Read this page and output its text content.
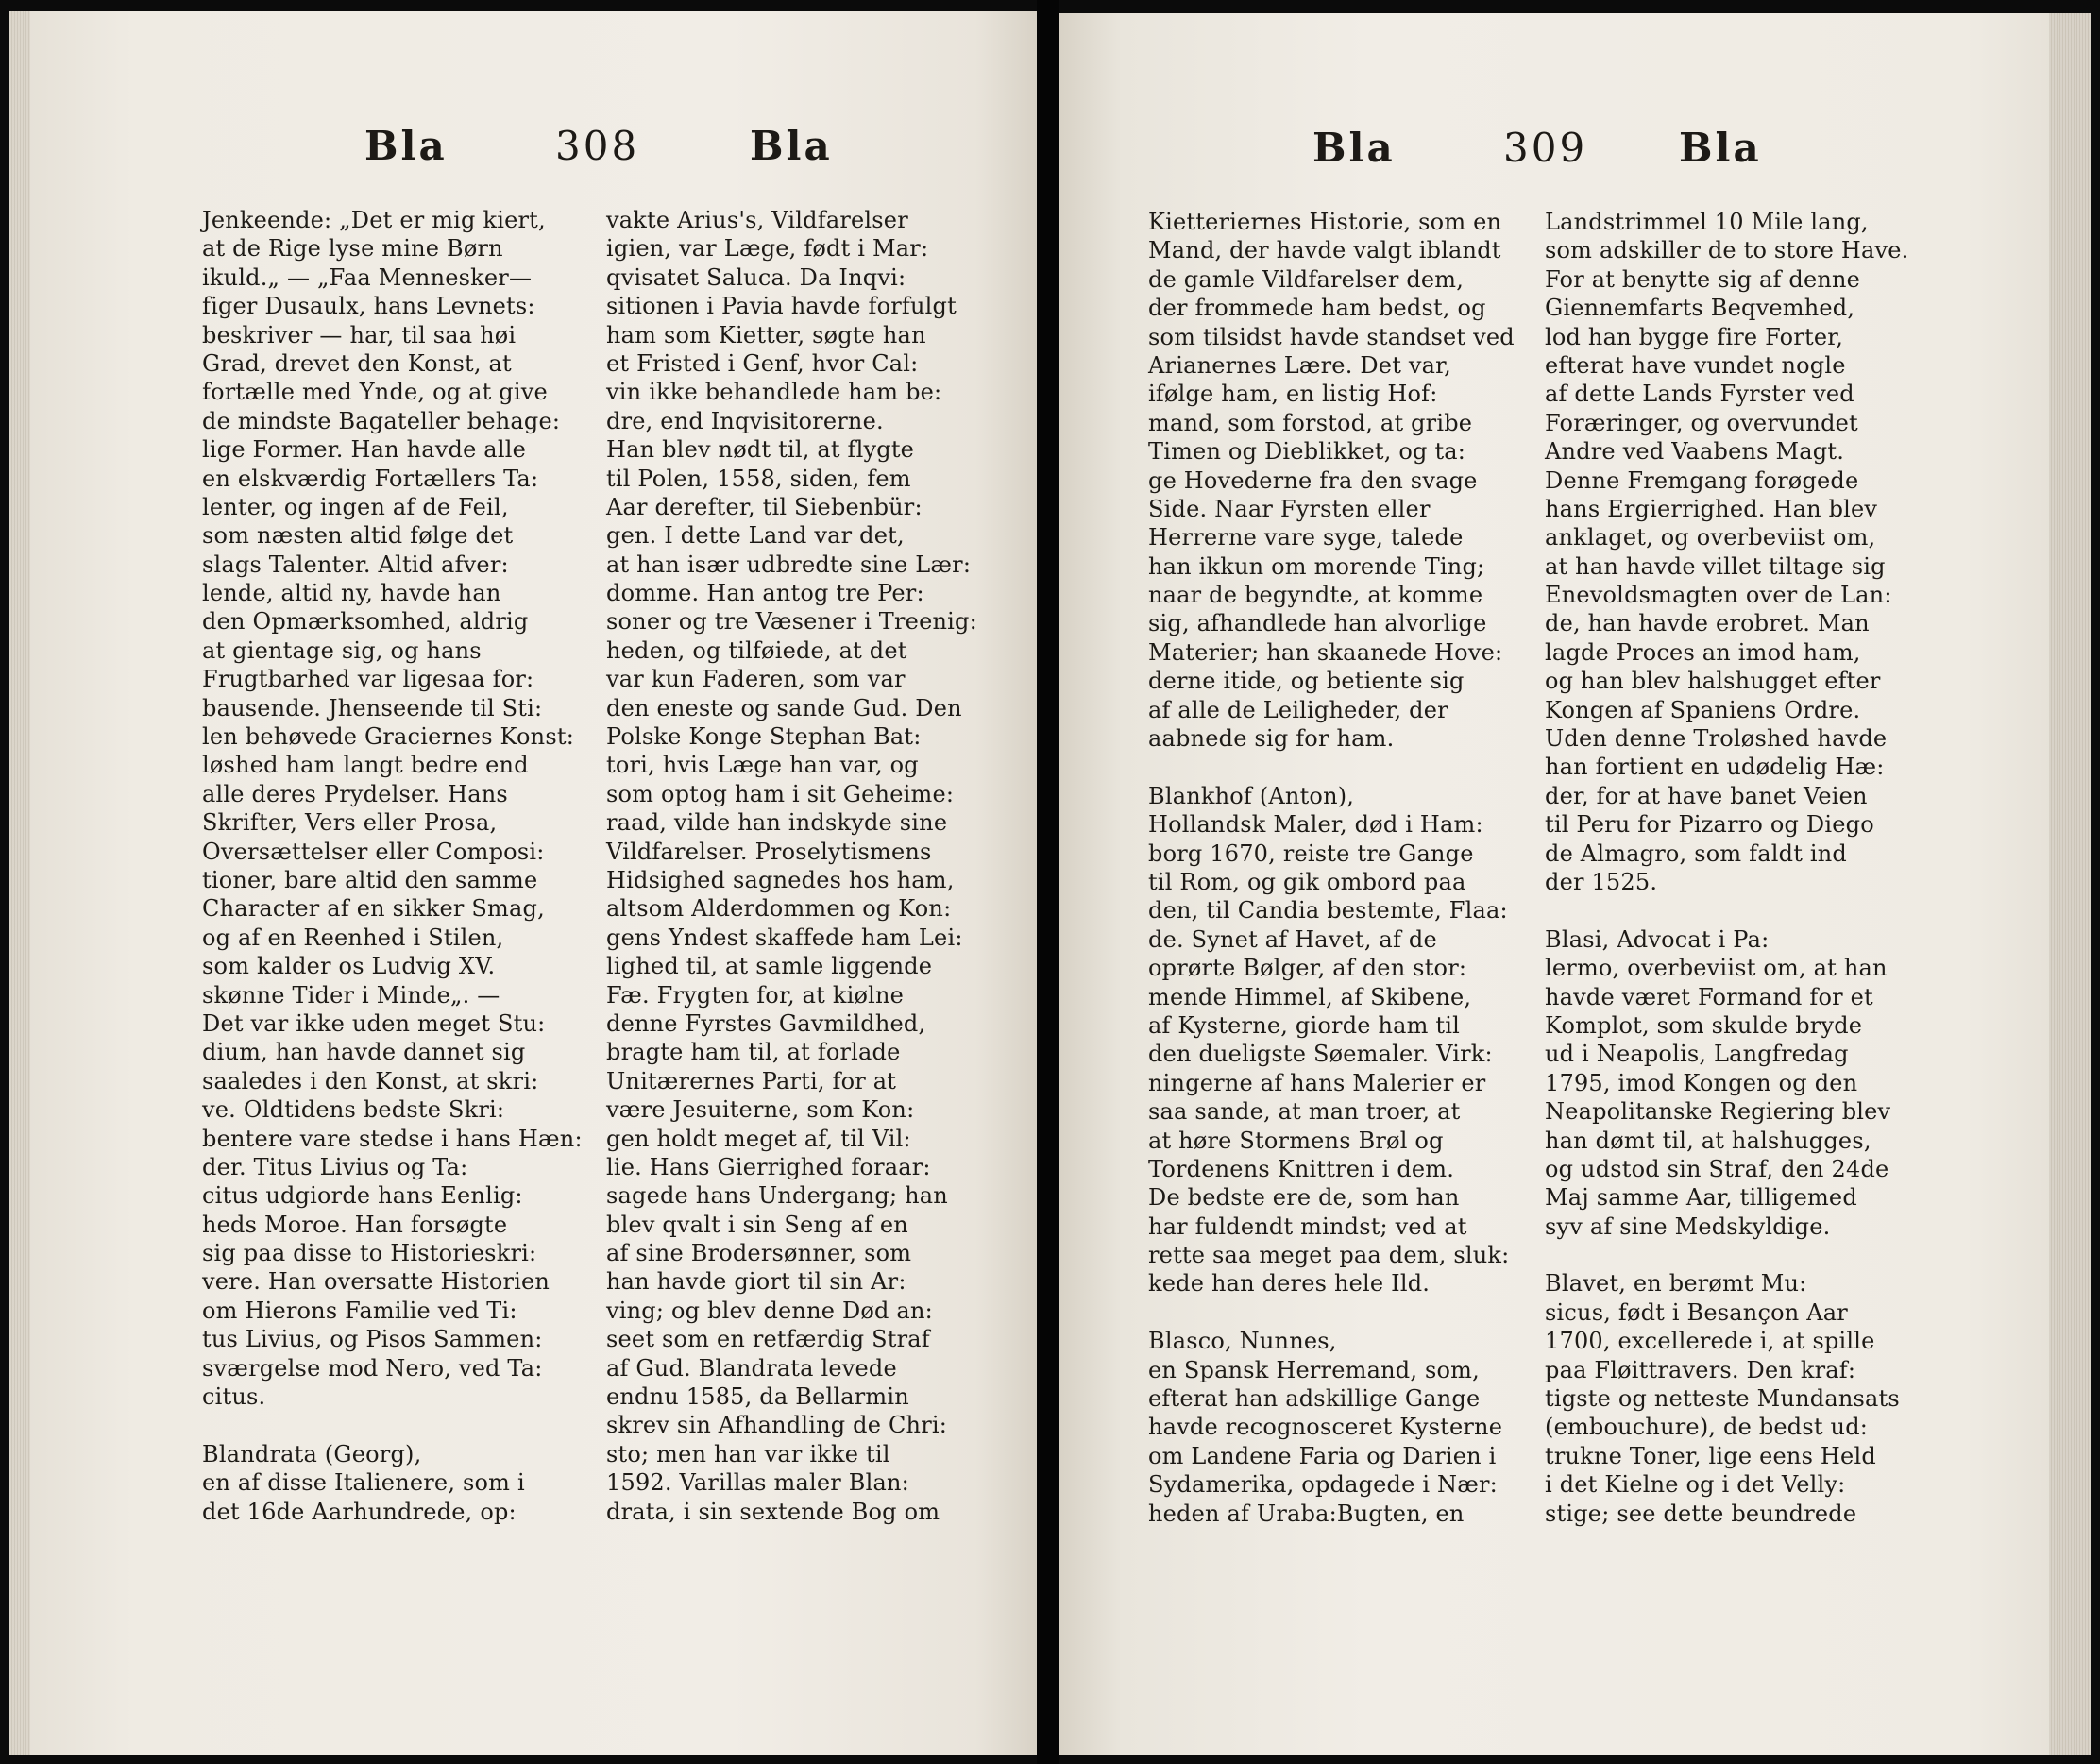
Bla	308	Bla
Jenkeende: „Det er mig kiert,
at de Rige lyse mine Børn
ikuld.„ — „Faa Mennesker—
figer Dusaulx, hans Levnets:
beskriver — har, til saa høi
Grad, drevet den Konst, at
fortælle med Ynde, og at give
de mindste Bagateller behage:
lige Former. Han havde alle
en elskværdig Fortællers Ta:
lenter, og ingen af de Feil,
som næsten altid følge det
slags Talenter. Altid afver:
lende, altid ny, havde han
den Opmærksomhed, aldrig
at gientage sig, og hans
Frugtbarhed var ligesaa for:
bausende. Jhenseende til Sti:
len behøvede Graciernes Konst:
løshed ham langt bedre end
alle deres Prydelser. Hans
Skrifter, Vers eller Prosa,
Oversættelser eller Composi:
tioner, bare altid den samme
Character af en sikker Smag,
og af en Reenhed i Stilen,
som kalder os Ludvig XV.
skønne Tider i Minde„. —
Det var ikke uden meget Stu:
dium, han havde dannet sig
saaledes i den Konst, at skri:
ve. Oldtidens bedste Skri:
bentere vare stedse i hans Hæn:
der. Titus Livius og Ta:
citus udgiorde hans Eenlig:
heds Moroe. Han forsøgte
sig paa disse to Historieskri:
vere. Han oversatte Historien
om Hierons Familie ved Ti:
tus Livius, og Pisos Sammen:
sværgelse mod Nero, ved Ta:
citus.
Blandrata (Georg),
en af disse Italienere, som i
det 16de Aarhundrede, op:
vakte Arius's, Vildfarelser
igien, var Læge, født i Mar:
qvisatet Saluca. Da Inqvi:
sitionen i Pavia havde forfulgt
ham som Kietter, søgte han
et Fristed i Genf, hvor Cal:
vin ikke behandlede ham be:
dre, end Inqvisitorerne.
Han blev nødt til, at flygte
til Polen, 1558, siden, fem
Aar derefter, til Siebenbür:
gen. I dette Land var det,
at han især udbredte sine Lær:
domme. Han antog tre Per:
soner og tre Væsener i Treenig:
heden, og tilføiede, at det
var kun Faderen, som var
den eneste og sande Gud. Den
Polske Konge Stephan Bat:
tori, hvis Læge han var, og
som optog ham i sit Geheime:
raad, vilde han indskyde sine
Vildfarelser. Proselytismens
Hidsighed sagnedes hos ham,
altsom Alderdommen og Kon:
gens Yndest skaffede ham Lei:
lighed til, at samle liggende
Fæ. Frygten for, at kiølne
denne Fyrstes Gavmildhed,
bragte ham til, at forlade
Unitærernes Parti, for at
være Jesuiterne, som Kon:
gen holdt meget af, til Vil:
lie. Hans Gierrighed foraar:
sagede hans Undergang; han
blev qvalt i sin Seng af en
af sine Brodersønner, som
han havde giort til sin Ar:
ving; og blev denne Død an:
seet som en retfærdig Straf
af Gud. Blandrata levede
endnu 1585, da Bellarmin
skrev sin Afhandling de Chri:
sto; men han var ikke til
1592. Varillas maler Blan:
drata, i sin sextende Bog om
Bla	309 Bla
Kietteriernes Historie, som en
Mand, der havde valgt iblandt
de gamle Vildfarelser dem,
der frommede ham bedst, og
som tilsidst havde standset ved
Arianernes Lære. Det var,
ifølge ham, en listig Hof:
mand, som forstod, at gribe
Timen og Dieblikket, og ta:
ge Hovederne fra den svage
Side. Naar Fyrsten eller
Herrerne vare syge, talede
han ikkun om morende Ting;
naar de begyndte, at komme
sig, afhandlede han alvorlige
Materier; han skaanede Hove:
derne itide, og betiente sig
af alle de Leiligheder, der
aabnede sig for ham.
Blankhof (Anton),
Hollandsk Maler, død i Ham:
borg 1670, reiste tre Gange
til Rom, og gik ombord paa
den, til Candia bestemte, Flaa:
de. Synet af Havet, af de
oprørte Bølger, af den stor:
mende Himmel, af Skibene,
af Kysterne, giorde ham til
den dueligste Søemaler. Virk:
ningerne af hans Malerier er
saa sande, at man troer, at
at høre Stormens Brøl og
Tordenens Knittren i dem.
De bedste ere de, som han
har fuldendt mindst; ved at
rette saa meget paa dem, sluk:
kede han deres hele Ild.
Blasco, Nunnes,
en Spansk Herremand, som,
efterat han adskillige Gange
havde recognosceret Kysterne
om Landene Faria og Darien i
Sydamerika, opdagede i Nær:
heden af Uraba:Bugten, en
Landstrimmel 10 Mile lang,
som adskiller de to store Have.
For at benytte sig af denne
Giennemfarts Beqvemhed,
lod han bygge fire Forter,
efterat have vundet nogle
af dette Lands Fyrster ved
Foræringer, og overvundet
Andre ved Vaabens Magt.
Denne Fremgang forøgede
hans Ergierrighed. Han blev
anklaget, og overbeviist om,
at han havde villet tiltage sig
Enevoldsmagten over de Lan:
de, han havde erobret. Man
lagde Proces an imod ham,
og han blev halshugget efter
Kongen af Spaniens Ordre.
Uden denne Troløshed havde
han fortient en udødelig Hæ:
der, for at have banet Veien
til Peru for Pizarro og Diego
de Almagro, som faldt ind
der 1525.
Blasi, Advocat i Pa:
lermo, overbeviist om, at han
havde været Formand for et
Komplot, som skulde bryde
ud i Neapolis, Langfredag
1795, imod Kongen og den
Neapolitanske Regiering blev
han dømt til, at halshugges,
og udstod sin Straf, den 24de
Maj samme Aar, tilligemed
syv af sine Medskyldige.
Blavet, en berømt Mu:
sicus, født i Besançon Aar
1700, excellerede i, at spille
paa Fløittravers. Den kraf:
tigste og netteste Mundansats
(embouchure), de bedst ud:
trukne Toner, lige eens Held
i det Kielne og i det Velly:
stige; see dette beundrede
